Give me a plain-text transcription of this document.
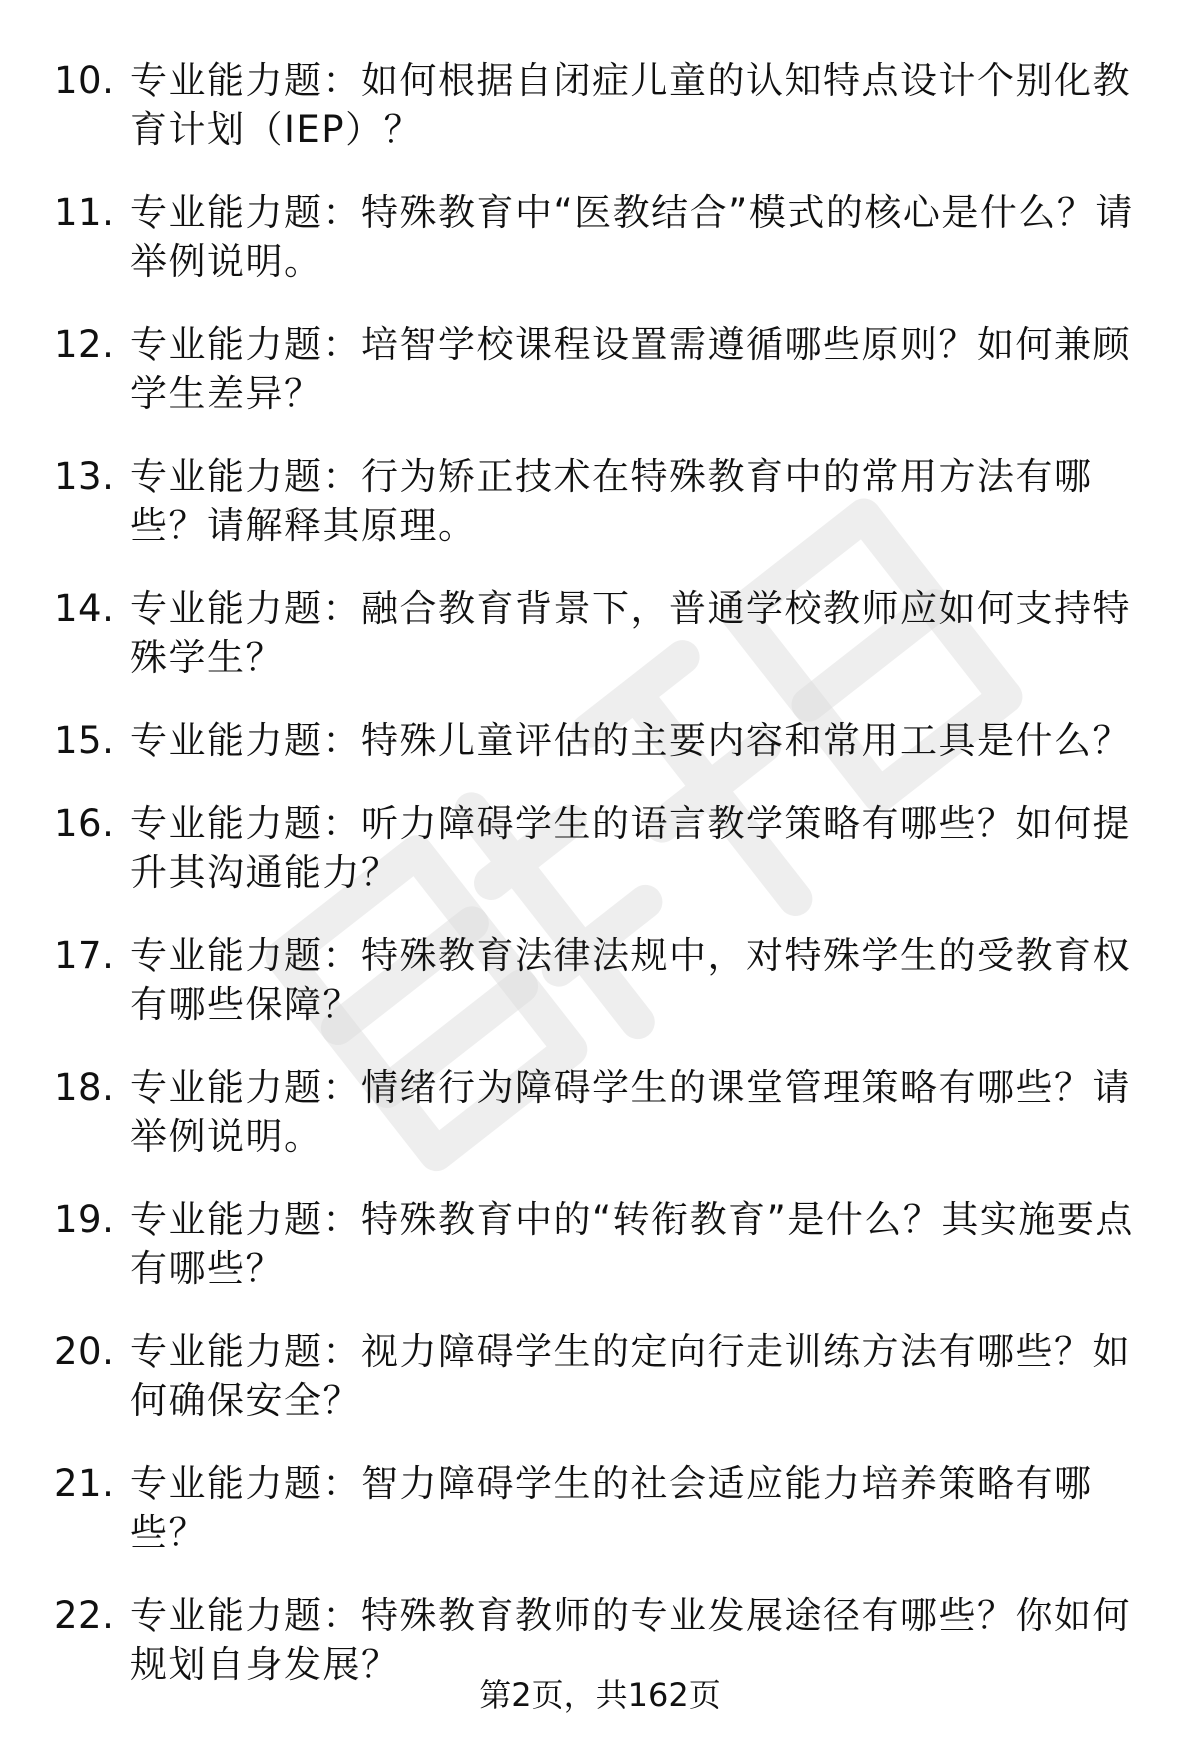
10. 专业能力题：如何根据自闭症儿童的认知特点设计个别化教育计划（IEP）？
11. 专业能力题：特殊教育中“医教结合”模式的核心是什么？请举例说明。
12. 专业能力题：培智学校课程设置需遵循哪些原则？如何兼顾学生差异？
13. 专业能力题：行为矫正技术在特殊教育中的常用方法有哪些？请解释其原理。
14. 专业能力题：融合教育背景下，普通学校教师应如何支持特殊学生？
15. 专业能力题：特殊儿童评估的主要内容和常用工具是什么？
16. 专业能力题：听力障碍学生的语言教学策略有哪些？如何提升其沟通能力？
17. 专业能力题：特殊教育法律法规中，对特殊学生的受教育权有哪些保障？
18. 专业能力题：情绪行为障碍学生的课堂管理策略有哪些？请举例说明。
19. 专业能力题：特殊教育中的“转衔教育”是什么？其实施要点有哪些？
20. 专业能力题：视力障碍学生的定向行走训练方法有哪些？如何确保安全？
21. 专业能力题：智力障碍学生的社会适应能力培养策略有哪些？
22. 专业能力题：特殊教育教师的专业发展途径有哪些？你如何规划自身发展？
第2页，共162页
